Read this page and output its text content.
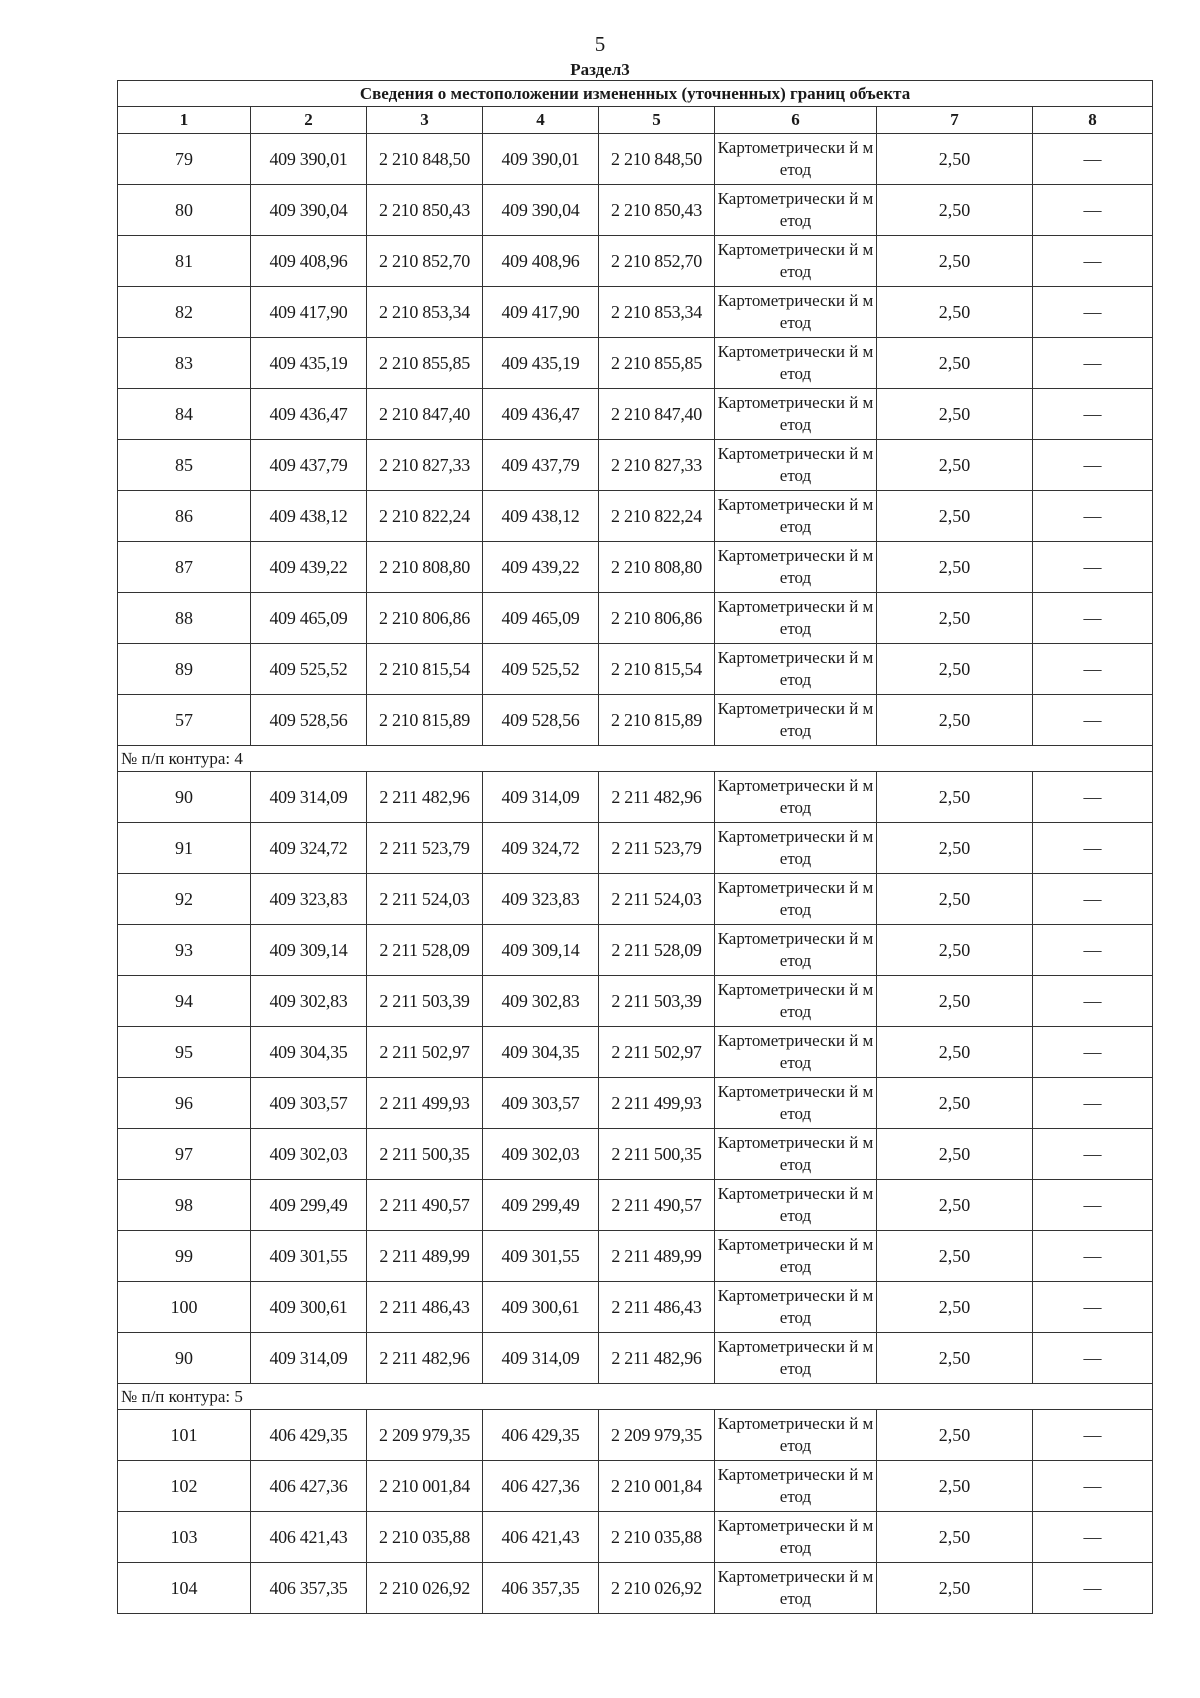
5
Раздел3
Сведения о местоположении измененных (уточненных) границ объекта							
1	2	3	4	5	6	7	8
79	409 390,01	2 210 848,50	409 390,01	2 210 848,50	Картометрически й метод	2,50	—
80	409 390,04	2 210 850,43	409 390,04	2 210 850,43	Картометрически й метод	2,50	—
81	409 408,96	2 210 852,70	409 408,96	2 210 852,70	Картометрически й метод	2,50	—
82	409 417,90	2 210 853,34	409 417,90	2 210 853,34	Картометрически й метод	2,50	—
83	409 435,19	2 210 855,85	409 435,19	2 210 855,85	Картометрически й метод	2,50	—
84	409 436,47	2 210 847,40	409 436,47	2 210 847,40	Картометрически й метод	2,50	—
85	409 437,79	2 210 827,33	409 437,79	2 210 827,33	Картометрически й метод	2,50	—
86	409 438,12	2 210 822,24	409 438,12	2 210 822,24	Картометрически й метод	2,50	—
87	409 439,22	2 210 808,80	409 439,22	2 210 808,80	Картометрически й метод	2,50	—
88	409 465,09	2 210 806,86	409 465,09	2 210 806,86	Картометрически й метод	2,50	—
89	409 525,52	2 210 815,54	409 525,52	2 210 815,54	Картометрически й метод	2,50	—
57	409 528,56	2 210 815,89	409 528,56	2 210 815,89	Картометрически й метод	2,50	—
№ п/п контура: 4							
90	409 314,09	2 211 482,96	409 314,09	2 211 482,96	Картометрически й метод	2,50	—
91	409 324,72	2 211 523,79	409 324,72	2 211 523,79	Картометрически й метод	2,50	—
92	409 323,83	2 211 524,03	409 323,83	2 211 524,03	Картометрически й метод	2,50	—
93	409 309,14	2 211 528,09	409 309,14	2 211 528,09	Картометрически й метод	2,50	—
94	409 302,83	2 211 503,39	409 302,83	2 211 503,39	Картометрически й метод	2,50	—
95	409 304,35	2 211 502,97	409 304,35	2 211 502,97	Картометрически й метод	2,50	—
96	409 303,57	2 211 499,93	409 303,57	2 211 499,93	Картометрически й метод	2,50	—
97	409 302,03	2 211 500,35	409 302,03	2 211 500,35	Картометрически й метод	2,50	—
98	409 299,49	2 211 490,57	409 299,49	2 211 490,57	Картометрически й метод	2,50	—
99	409 301,55	2 211 489,99	409 301,55	2 211 489,99	Картометрически й метод	2,50	—
100	409 300,61	2 211 486,43	409 300,61	2 211 486,43	Картометрически й метод	2,50	—
90	409 314,09	2 211 482,96	409 314,09	2 211 482,96	Картометрически й метод	2,50	—
№ п/п контура: 5							
101	406 429,35	2 209 979,35	406 429,35	2 209 979,35	Картометрически й метод	2,50	—
102	406 427,36	2 210 001,84	406 427,36	2 210 001,84	Картометрически й метод	2,50	—
103	406 421,43	2 210 035,88	406 421,43	2 210 035,88	Картометрически й метод	2,50	—
104	406 357,35	2 210 026,92	406 357,35	2 210 026,92	Картометрически й метод	2,50	—
